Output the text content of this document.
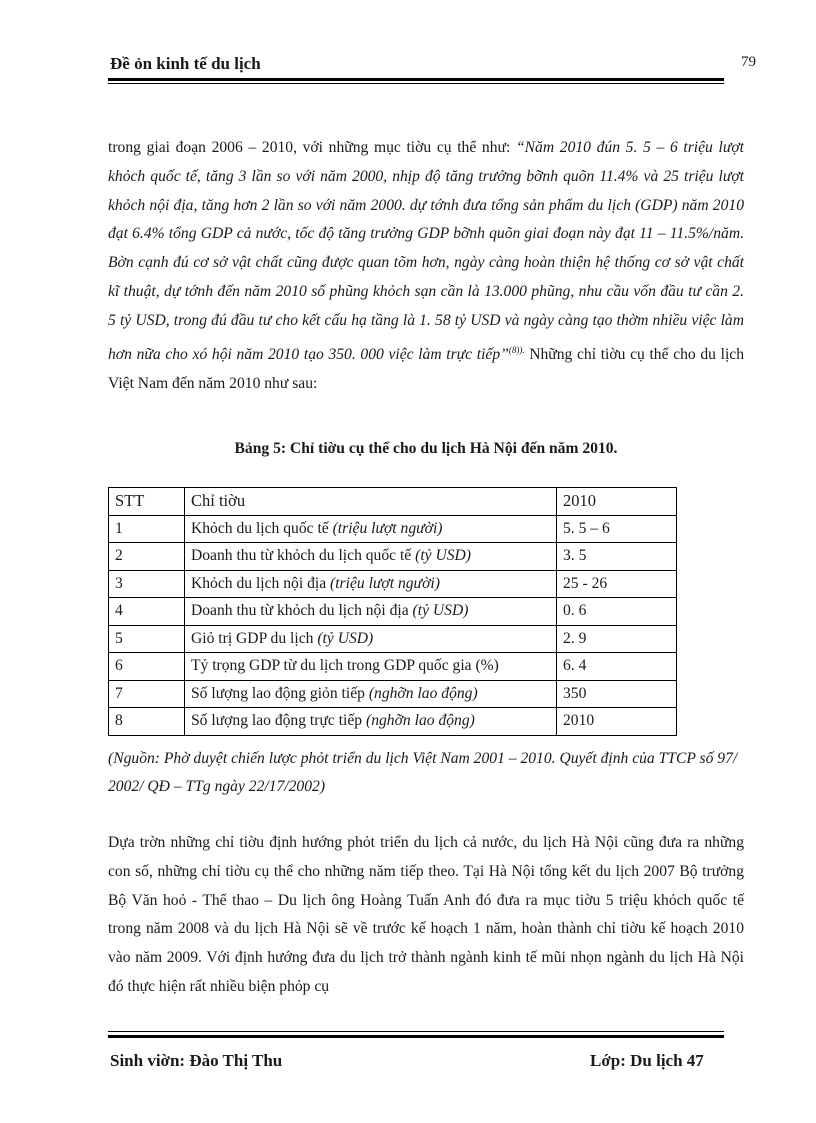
Đề ỏn kinh tế du lịch	79
trong giai đoạn 2006 – 2010, với những mục tiờu cụ thể như: “Năm 2010 đún 5. 5 – 6 triệu lượt khỏch quốc tế, tăng 3 lần so với năm 2000, nhịp độ tăng trưởng bỡnh quõn 11.4% và 25 triệu lượt khỏch nội địa, tăng hơn 2 lần so với năm 2000. dự tớnh đưa tổng sản phẩm du lịch (GDP) năm 2010 đạt 6.4% tổng GDP cả nước, tốc độ tăng trưởng GDP bỡnh quõn giai đoạn này đạt 11 – 11.5%/năm. Bờn cạnh đú cơ sở vật chất cũng được quan tõm hơn, ngày càng hoàn thiện hệ thống cơ sở vật chất kĩ thuật, dự tớnh đến năm 2010 số phũng khỏch sạn cần là 13.000 phũng, nhu cầu vốn đầu tư cần 2. 5 tỷ USD, trong đú đầu tư cho kết cấu hạ tầng là 1. 58 tỷ USD và ngày càng tạo thờm nhiều việc làm hơn nữa cho xó hội năm 2010 tạo 350. 000 việc làm trực tiếp”$^{(8)).}$ Những chỉ tiờu cụ thể cho du lịch Việt Nam đến năm 2010 như sau:
Bảng 5: Chỉ tiờu cụ thể cho du lịch Hà Nội đến năm 2010.
STT	Chỉ tiờu	2010
1	Khỏch du lịch quốc tế (triệu lượt người)	5. 5 – 6
2	Doanh thu từ khỏch du lịch quốc tế (tỷ USD)	3. 5
3	Khỏch du lịch nội địa (triệu lượt người)	25 - 26
4	Doanh thu từ khỏch du lịch nội địa (tỷ USD)	0. 6
5	Giỏ trị GDP du lịch (tỷ USD)	2. 9
6	Tỷ trọng GDP từ du lịch trong GDP quốc gia (%)	6. 4
7	Số lượng lao động giỏn tiếp (nghỡn lao động)	350
8	Số lượng lao động trực tiếp (nghỡn lao động)	2010
(Nguồn: Phờ duyệt chiến lược phỏt triển du lịch Việt Nam 2001 – 2010. Quyết định của TTCP số 97/ 2002/ QĐ – TTg ngày 22/17/2002)
Dựa trờn những chỉ tiờu định hướng phỏt triển du lịch cả nước, du lịch Hà Nội cũng đưa ra những con số, những chỉ tiờu cụ thể cho những năm tiếp theo. Tại Hà Nội tổng kết du lịch 2007 Bộ trưởng Bộ Văn hoỏ - Thể thao – Du lịch ông Hoàng Tuấn Anh đó đưa ra mục tiờu 5 triệu khỏch quốc tế trong năm 2008 và du lịch Hà Nội sẽ về trước kế hoạch 1 năm, hoàn thành chỉ tiờu kế hoạch 2010 vào năm 2009. Với định hướng đưa du lịch trở thành ngành kinh tế mũi nhọn ngành du lịch Hà Nội đó thực hiện rất nhiều biện phỏp cụ
Sinh viờn: Đào Thị Thu	Lớp: Du lịch 47
